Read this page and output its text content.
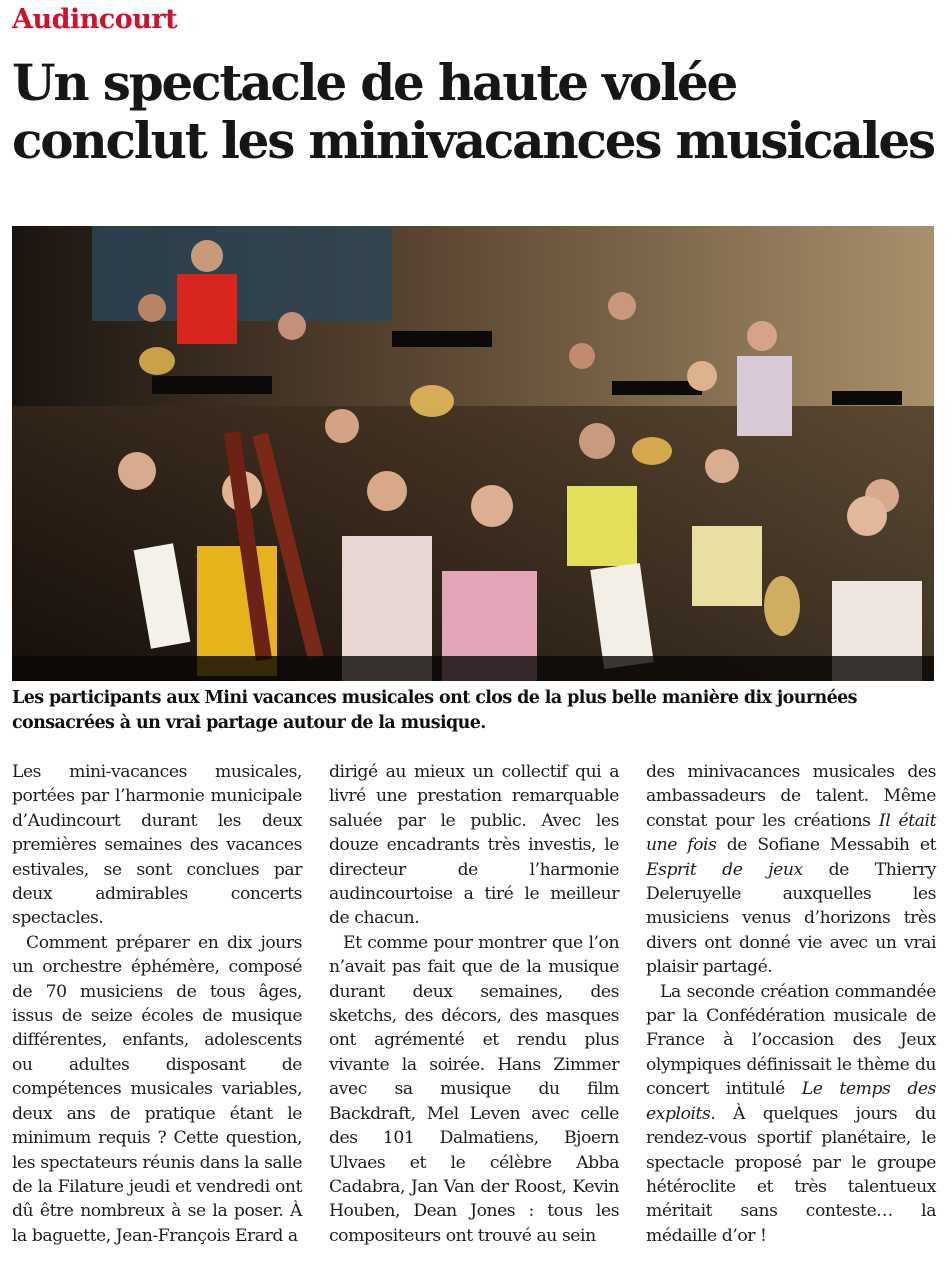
Audincourt
Un spectacle de haute volée
conclut les minivacances musicales
Les participants aux Mini vacances musicales ont clos de la plus belle manière dix journées consacrées à un vrai partage autour de la musique.

Les mini-vacances musicales, portées par l’harmonie municipale d’Audincourt durant les deux premières semaines des vacances estivales, se sont conclues par deux admirables concerts spectacles.

Comment préparer en dix jours un orchestre éphémère, composé de 70 musiciens de tous âges, issus de seize écoles de musique différentes, enfants, adolescents ou adultes disposant de compétences musicales variables, deux ans de pratique étant le minimum requis ? Cette question, les spectateurs réunis dans la salle de la Filature jeudi et vendredi ont dû être nombreux à se la poser. À la baguette, Jean-François Erard a

dirigé au mieux un collectif qui a livré une prestation remarquable saluée par le public. Avec les douze encadrants très investis, le directeur	de	l’harmonie audincourtoise a tiré le meilleur de chacun.

Et comme pour montrer que l’on n’avait pas fait que de la musique durant deux semaines, des sketchs, des décors, des masques ont agrémenté et rendu plus vivante la soirée. Hans Zimmer avec sa musique du film Backdraft, Mel Leven avec celle des 101 Dalmatiens, Bjoern Ulvaes et le célèbre Abba Cadabra, Jan Van der Roost, Kevin Houben, Dean Jones : tous les compositeurs ont trouvé au sein

des minivacances musicales des ambassadeurs de talent. Même constat pour les créations Il était une fois de Sofiane Messabih et Esprit de jeux de Thierry Deleruyelle auxquelles les musiciens venus d’horizons très divers ont donné vie avec un vrai plaisir partagé.

La seconde création commandée par la Confédération musicale de France à l’occasion des Jeux olympiques définissait le thème du concert intitulé Le temps des exploits. À quelques jours du rendez-vous sportif planétaire, le spectacle proposé par le groupe hétéroclite et très talentueux méritait sans conteste… la médaille d’or !
